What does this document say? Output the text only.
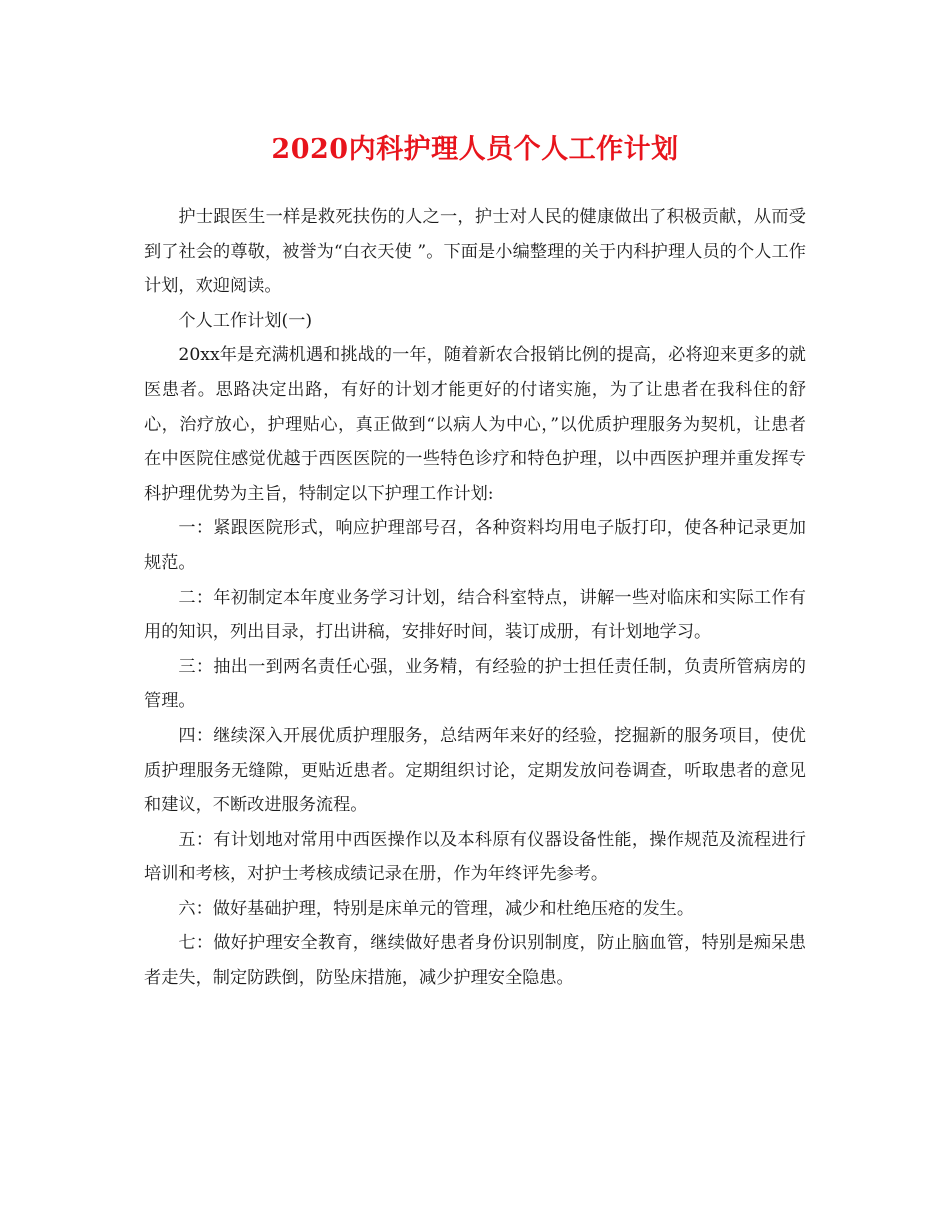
2020内科护理人员个人工作计划

护士跟医生一样是救死扶伤的人之一，护士对人民的健康做出了积极贡献，从而受到了社会的尊敬，被誉为“白衣天使 ”。下面是小编整理的关于内科护理人员的个人工作计划，欢迎阅读。

个人工作计划(一)

20xx年是充满机遇和挑战的一年，随着新农合报销比例的提高，必将迎来更多的就医患者。思路决定出路，有好的计划才能更好的付诸实施，为了让患者在我科住的舒心，治疗放心，护理贴心，真正做到“以病人为中心，”以优质护理服务为契机，让患者在中医院住感觉优越于西医医院的一些特色诊疗和特色护理，以中西医护理并重发挥专科护理优势为主旨，特制定以下护理工作计划:

一：紧跟医院形式，响应护理部号召，各种资料均用电子版打印，使各种记录更加规范。

二：年初制定本年度业务学习计划，结合科室特点，讲解一些对临床和实际工作有用的知识，列出目录，打出讲稿，安排好时间，装订成册，有计划地学习。

三：抽出一到两名责任心强，业务精，有经验的护士担任责任制，负责所管病房的管理。

四：继续深入开展优质护理服务，总结两年来好的经验，挖掘新的服务项目，使优质护理服务无缝隙，更贴近患者。定期组织讨论，定期发放问卷调查，听取患者的意见和建议，不断改进服务流程。

五：有计划地对常用中西医操作以及本科原有仪器设备性能，操作规范及流程进行培训和考核，对护士考核成绩记录在册，作为年终评先参考。

六：做好基础护理，特别是床单元的管理，减少和杜绝压疮的发生。

七：做好护理安全教育，继续做好患者身份识别制度，防止脑血管，特别是痴呆患者走失，制定防跌倒，防坠床措施，减少护理安全隐患。
